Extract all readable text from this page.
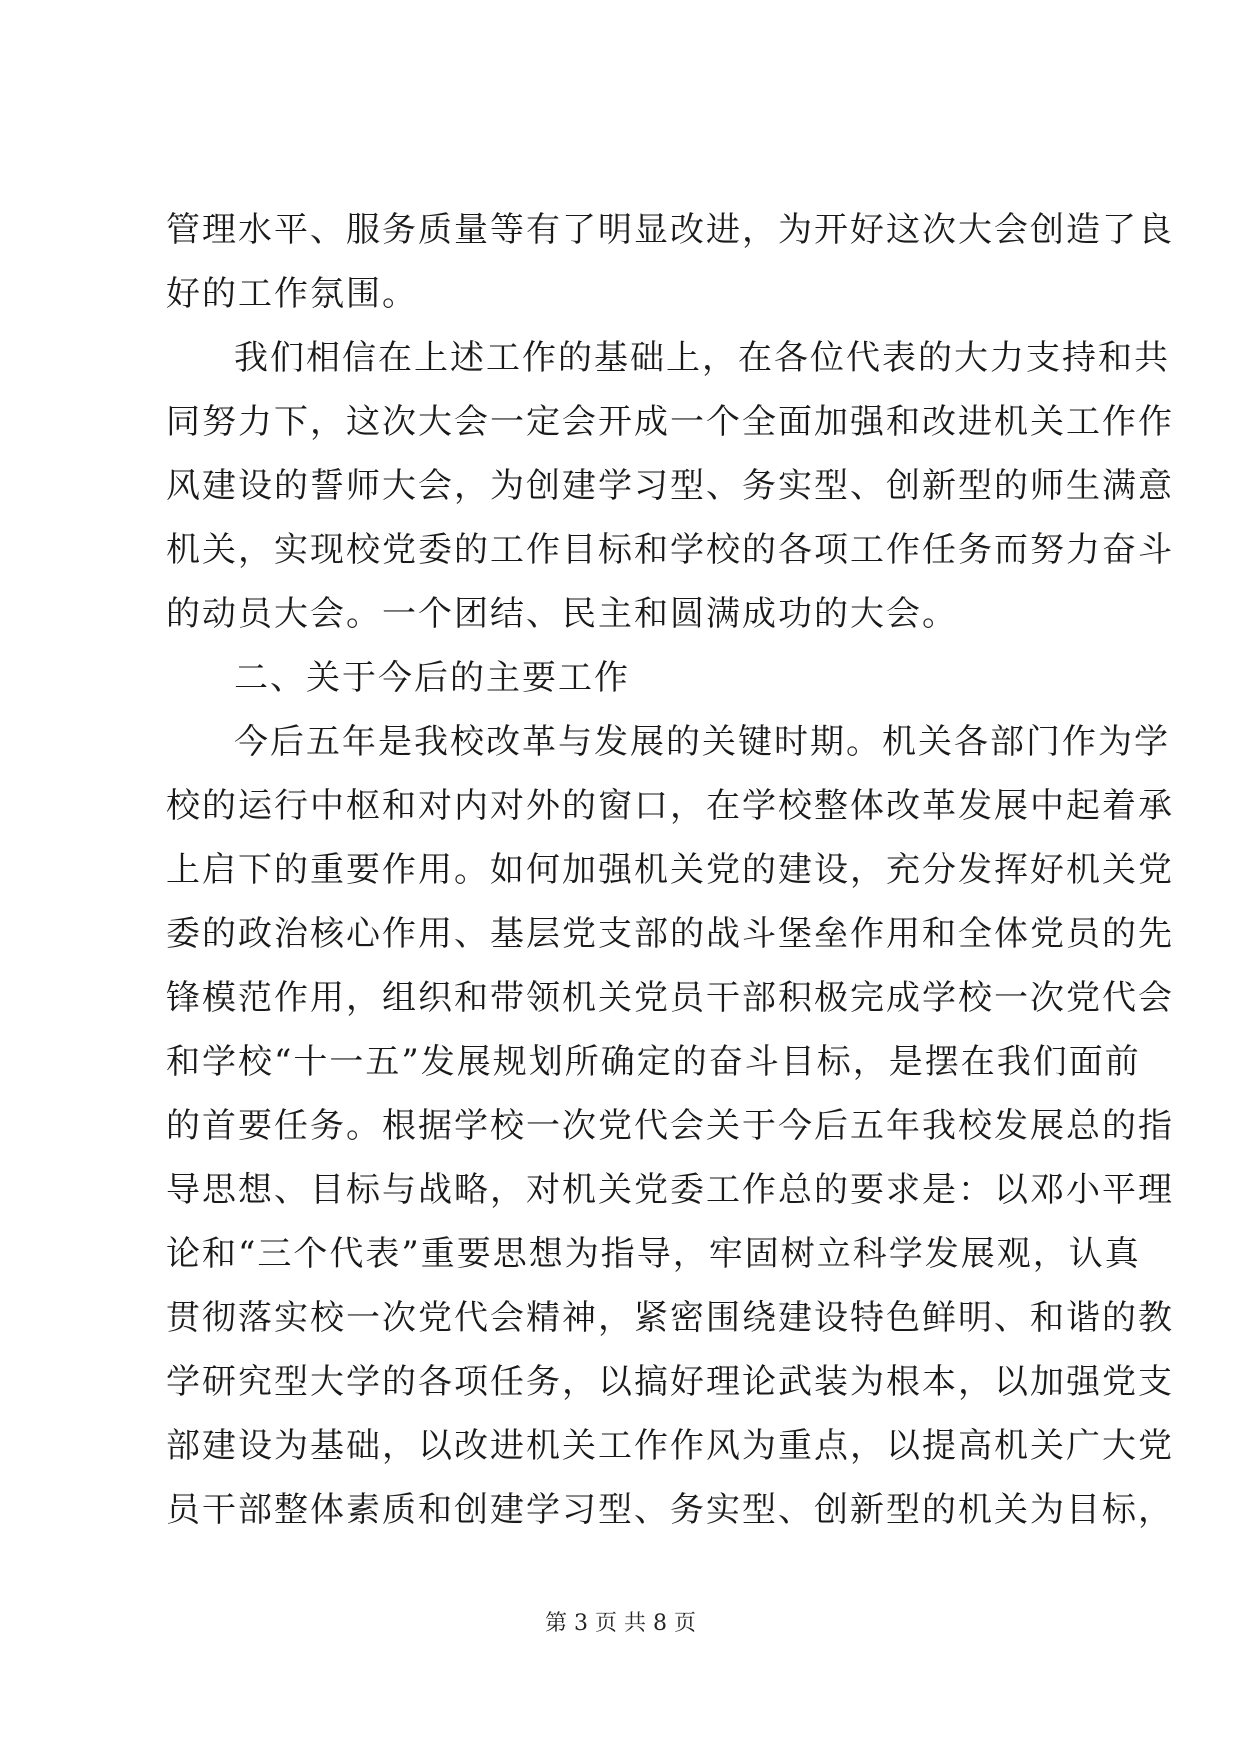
管理水平、服务质量等有了明显改进，为开好这次大会创造了良
好的工作氛围。
我们相信在上述工作的基础上，在各位代表的大力支持和共
同努力下，这次大会一定会开成一个全面加强和改进机关工作作
风建设的誓师大会，为创建学习型、务实型、创新型的师生满意
机关，实现校党委的工作目标和学校的各项工作任务而努力奋斗
的动员大会。一个团结、民主和圆满成功的大会。
二、关于今后的主要工作
今后五年是我校改革与发展的关键时期。机关各部门作为学
校的运行中枢和对内对外的窗口，在学校整体改革发展中起着承
上启下的重要作用。如何加强机关党的建设，充分发挥好机关党
委的政治核心作用、基层党支部的战斗堡垒作用和全体党员的先
锋模范作用，组织和带领机关党员干部积极完成学校一次党代会
和学校“十一五”发展规划所确定的奋斗目标，是摆在我们面前
的首要任务。根据学校一次党代会关于今后五年我校发展总的指
导思想、目标与战略，对机关党委工作总的要求是：以邓小平理
论和“三个代表”重要思想为指导，牢固树立科学发展观，认真
贯彻落实校一次党代会精神，紧密围绕建设特色鲜明、和谐的教
学研究型大学的各项任务，以搞好理论武装为根本，以加强党支
部建设为基础，以改进机关工作作风为重点，以提高机关广大党
员干部整体素质和创建学习型、务实型、创新型的机关为目标，
第 3 页 共 8 页
